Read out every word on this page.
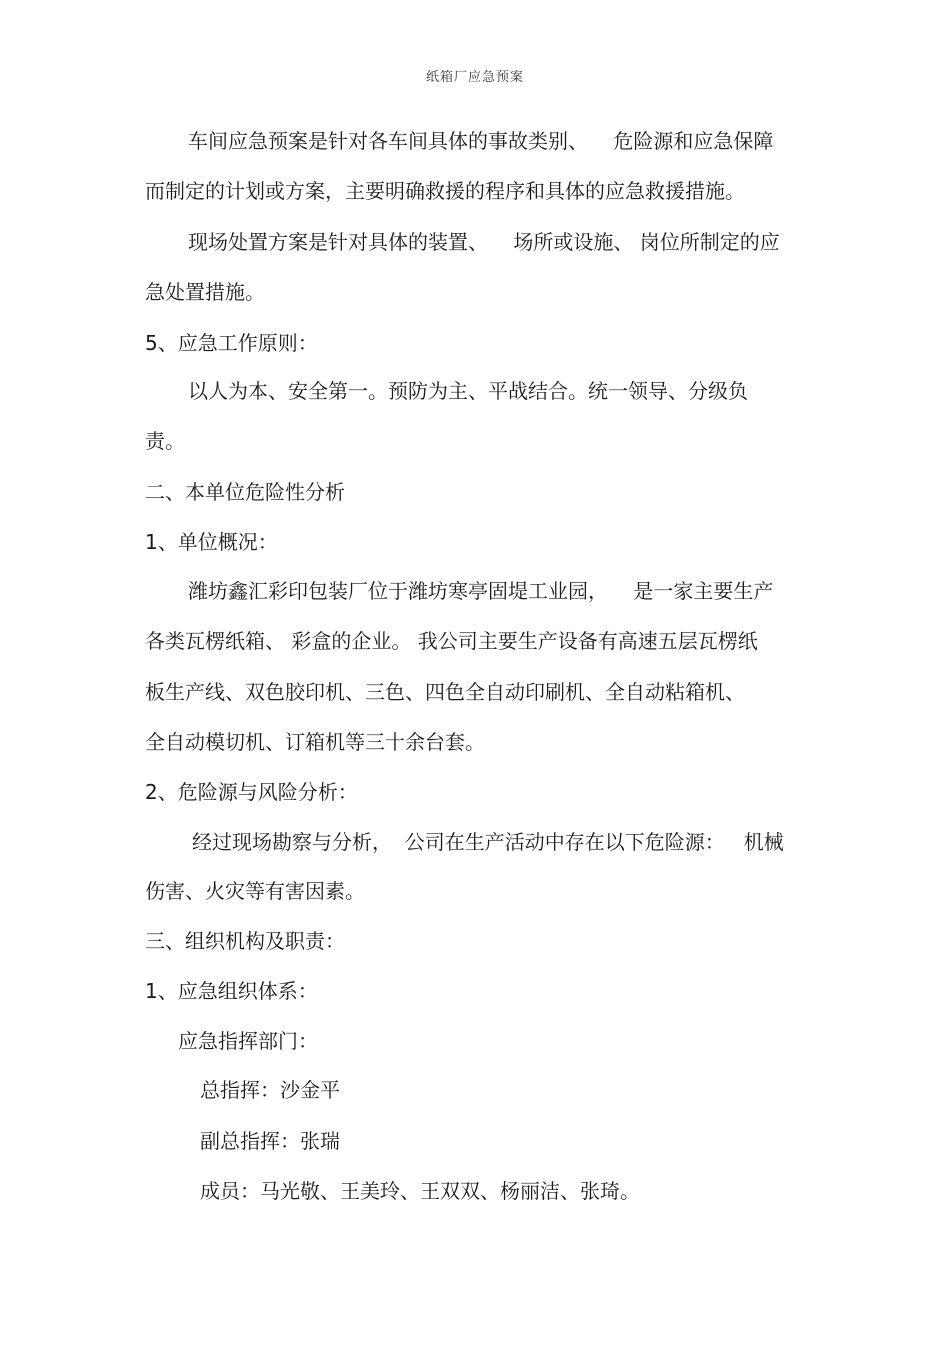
纸箱厂应急预案
车间应急预案是针对各车间具体的事故类别、    危险源和应急保障
而制定的计划或方案，主要明确救援的程序和具体的应急救援措施。
现场处置方案是针对具体的装置、    场所或设施、 岗位所制定的应
急处置措施。
5、应急工作原则：
以人为本、安全第一。预防为主、平战结合。统一领导、分级负
责。
二、本单位危险性分析
1、单位概况：
潍坊鑫汇彩印包装厂位于潍坊寒亭固堤工业园，    是一家主要生产
各类瓦楞纸箱、 彩盒的企业。 我公司主要生产设备有高速五层瓦楞纸
板生产线、双色胶印机、三色、四色全自动印刷机、全自动粘箱机、
全自动模切机、订箱机等三十余台套。
2、危险源与风险分析：
经过现场勘察与分析，  公司在生产活动中存在以下危险源：   机械
伤害、火灾等有害因素。
三、组织机构及职责：
1、应急组织体系：
应急指挥部门：
总指挥：沙金平
副总指挥：张瑞
成员：马光敬、王美玲、王双双、杨丽洁、张琦。
